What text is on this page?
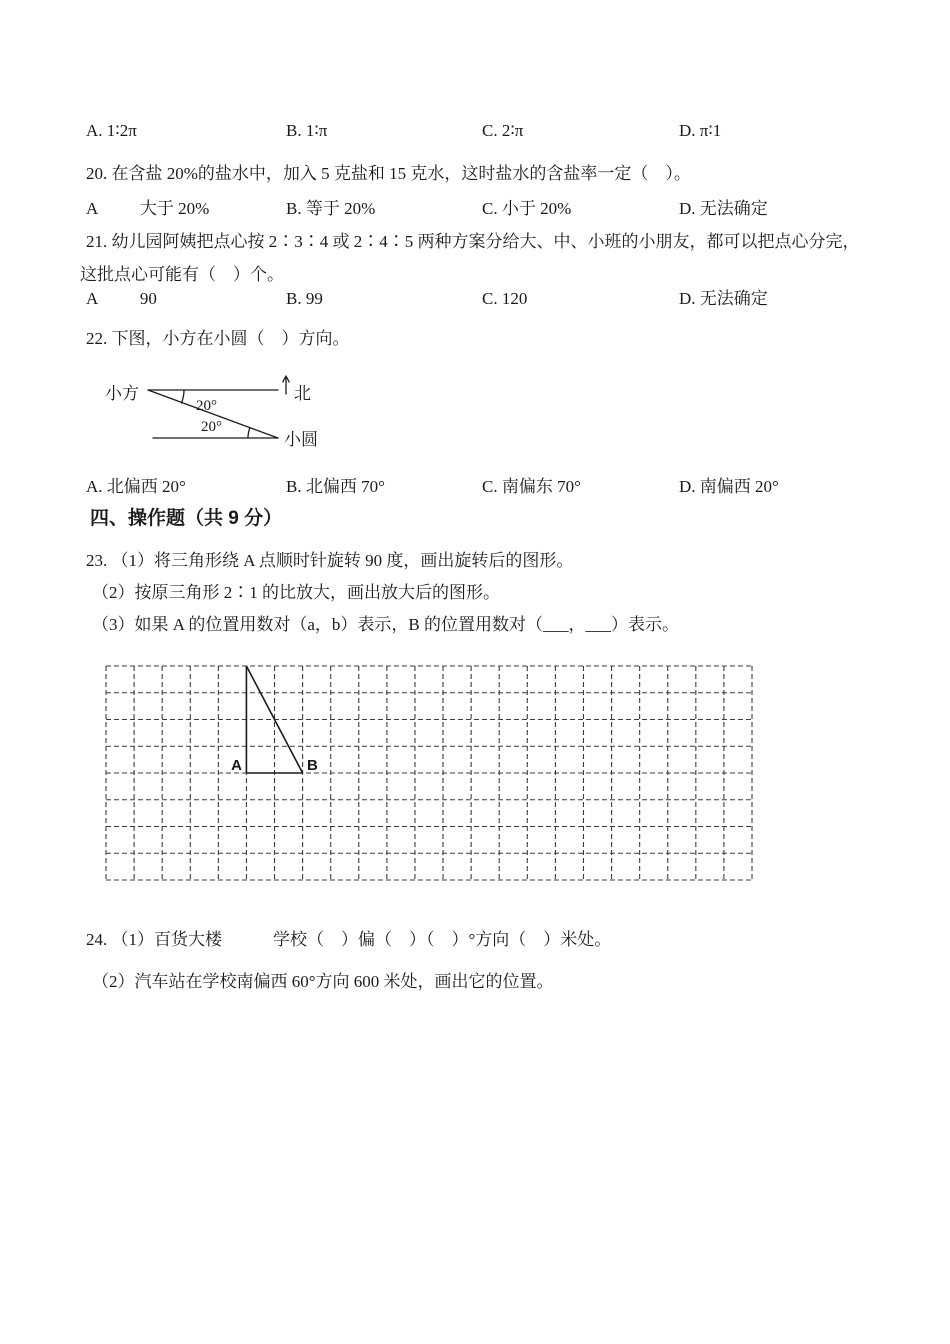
A. 1∶2π	B. 1∶π	C. 2∶π	D. π∶1
20. 在含盐 20%的盐水中，加入 5 克盐和 15 克水，这时盐水的含盐率一定（    ）。
A          大于 20%	B. 等于 20%	C. 小于 20%	D. 无法确定
21. 幼儿园阿姨把点心按 2∶3∶4 或 2∶4∶5 两种方案分给大、中、小班的小朋友，都可以把点心分完，
这批点心可能有（    ）个。
A          90	B. 99	C. 120	D. 无法确定
22. 下图，小方在小圆（    ）方向。
小方	北
小圆
20°
20°
A. 北偏西 20°	B. 北偏西 70°	C. 南偏东 70°	D. 南偏西 20°
四、操作题（共 9 分）
23. （1）将三角形绕 A 点顺时针旋转 90 度，画出旋转后的图形。
（2）按原三角形 2∶1 的比放大，画出放大后的图形。
（3）如果 A 的位置用数对（a，b）表示，B 的位置用数对（___，___）表示。
A	B
24. （1）百货大楼            学校（    ）偏（    ）（    ）°方向（    ）米处。
（2）汽车站在学校南偏西 60°方向 600 米处，画出它的位置。
